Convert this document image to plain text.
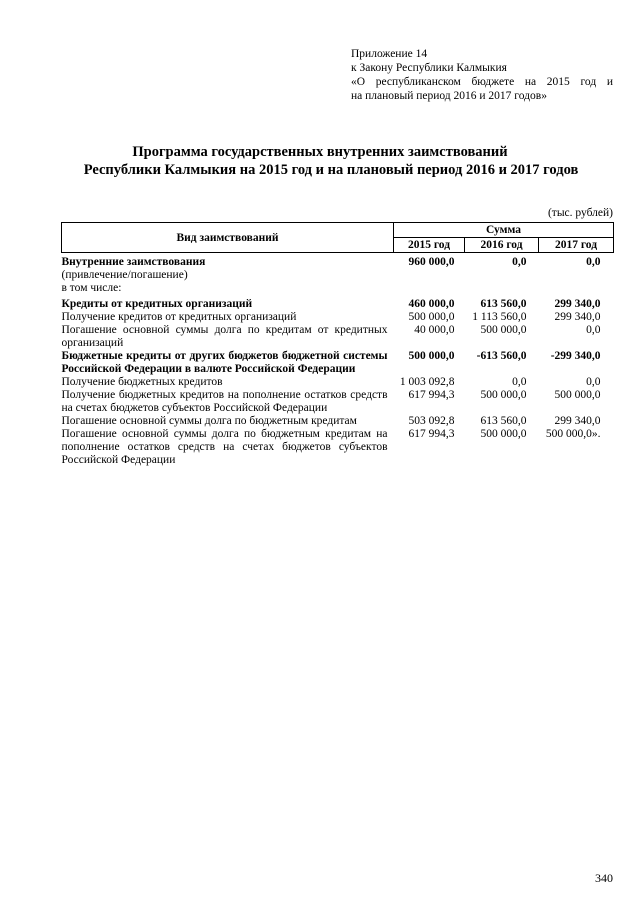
Приложение 14
к Закону Республики Калмыкия
«О республиканском бюджете на 2015 год и
на плановый период 2016 и 2017 годов»
Программа государственных внутренних заимствований
Республики Калмыкия на 2015 год и на плановый период 2016 и 2017 годов
(тыс. рублей)
Вид заимствований	Сумма		
	2015 год	2016 год	2017 год
Внутренние заимствования	960 000,0	0,0	0,0
(привлечение/погашение)			
в том числе:			
Кредиты от кредитных организаций	460 000,0	613 560,0	299 340,0
Получение кредитов от кредитных организаций	500 000,0	1 113 560,0	299 340,0
Погашение основной суммы долга по кредитам от кредитных организаций	40 000,0	500 000,0	0,0
Бюджетные кредиты от других бюджетов бюджетной системы Российской Федерации в валюте Российской Федерации	500 000,0	-613 560,0	-299 340,0
Получение бюджетных кредитов	1 003 092,8	0,0	0,0
Получение бюджетных кредитов на пополнение остатков средств на счетах бюджетов субъектов Российской Федерации	617 994,3	500 000,0	500 000,0
Погашение основной суммы долга по бюджетным кредитам	503 092,8	613 560,0	299 340,0
Погашение основной суммы долга по бюджетным кредитам на пополнение остатков средств на счетах бюджетов субъектов Российской Федерации	617 994,3	500 000,0	500 000,0».
340
